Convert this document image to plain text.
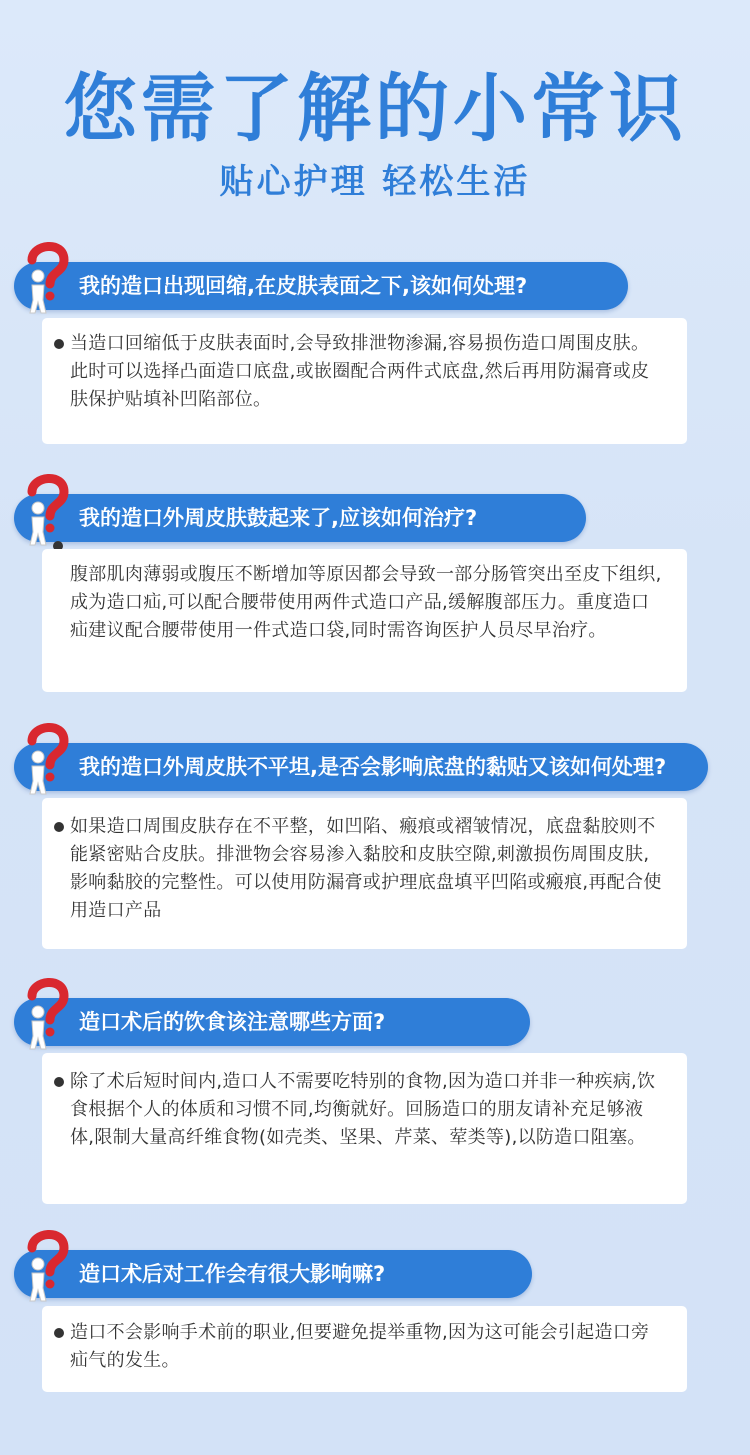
您需了解的小常识
贴心护理 轻松生活
我的造口出现回缩,在皮肤表面之下,该如何处理?
当造口回缩低于皮肤表面时,会导致排泄物渗漏,容易损伤造口周围皮肤。此时可以选择凸面造口底盘,或嵌圈配合两件式底盘,然后再用防漏膏或皮肤保护贴填补凹陷部位。
我的造口外周皮肤鼓起来了,应该如何治疗?
腹部肌肉薄弱或腹压不断增加等原因都会导致一部分肠管突出至皮下组织,成为造口疝,可以配合腰带使用两件式造口产品,缓解腹部压力。重度造口疝建议配合腰带使用一件式造口袋,同时需咨询医护人员尽早治疗。
我的造口外周皮肤不平坦,是否会影响底盘的黏贴又该如何处理?
如果造口周围皮肤存在不平整，如凹陷、瘢痕或褶皱情况，底盘黏胶则不能紧密贴合皮肤。排泄物会容易渗入黏胶和皮肤空隙,刺激损伤周围皮肤,影响黏胶的完整性。可以使用防漏膏或护理底盘填平凹陷或瘢痕,再配合使用造口产品
造口术后的饮食该注意哪些方面?
除了术后短时间内,造口人不需要吃特别的食物,因为造口并非一种疾病,饮食根据个人的体质和习惯不同,均衡就好。回肠造口的朋友请补充足够液体,限制大量高纤维食物(如壳类、坚果、芹菜、荤类等),以防造口阻塞。
造口术后对工作会有很大影响嘛?
造口不会影响手术前的职业,但要避免提举重物,因为这可能会引起造口旁疝气的发生。
